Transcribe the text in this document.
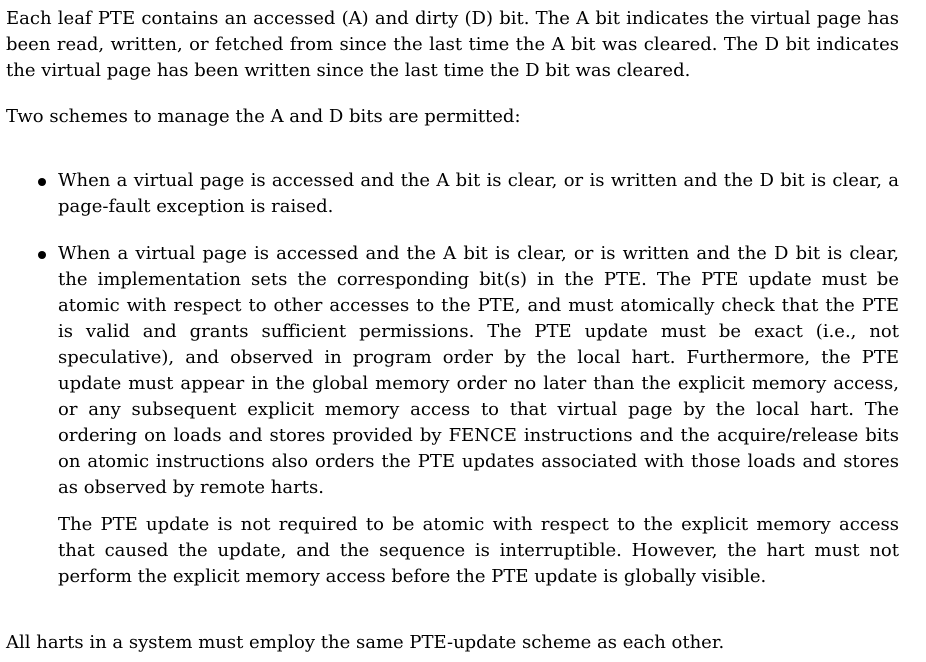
Each leaf PTE contains an accessed (A) and dirty (D) bit. The A bit indicates the virtual page has been read, written, or fetched from since the last time the A bit was cleared. The D bit indicates the virtual page has been written since the last time the D bit was cleared.

Two schemes to manage the A and D bits are permitted:

When a virtual page is accessed and the A bit is clear, or is written and the D bit is clear, a page-fault exception is raised.

When a virtual page is accessed and the A bit is clear, or is written and the D bit is clear, the implementation sets the corresponding bit(s) in the PTE. The PTE update must be atomic with respect to other accesses to the PTE, and must atomically check that the PTE is valid and grants sufficient permissions. The PTE update must be exact (i.e., not speculative), and observed in program order by the local hart. Furthermore, the PTE update must appear in the global memory order no later than the explicit memory access, or any subsequent explicit memory access to that virtual page by the local hart. The ordering on loads and stores provided by FENCE instructions and the acquire/release bits on atomic instructions also orders the PTE updates associated with those loads and stores as observed by remote harts.

The PTE update is not required to be atomic with respect to the explicit memory access that caused the update, and the sequence is interruptible. However, the hart must not perform the explicit memory access before the PTE update is globally visible.

All harts in a system must employ the same PTE-update scheme as each other.
